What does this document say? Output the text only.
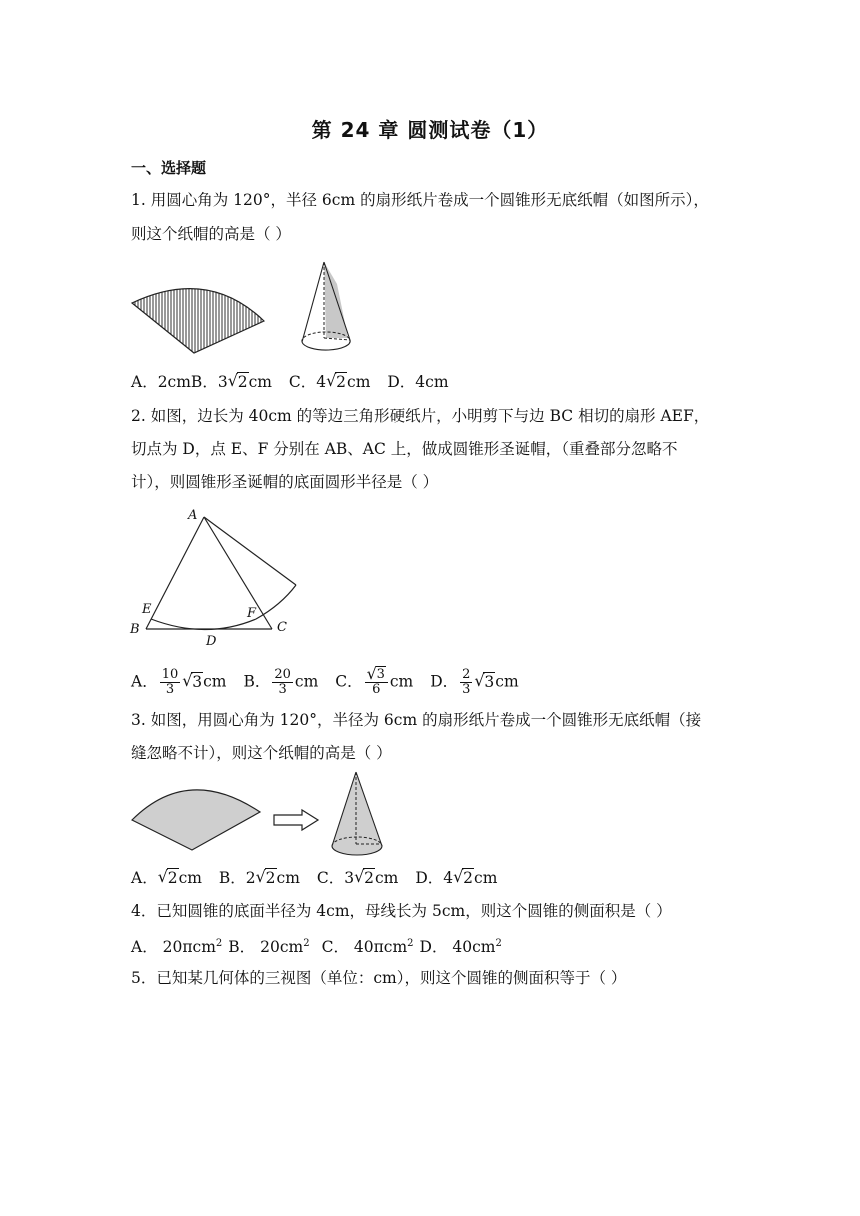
第 24 章 圆测试卷（1）
一、选择题
1. 用圆心角为 120°，半径 6cm 的扇形纸片卷成一个圆锥形无底纸帽（如图所示），
则这个纸帽的高是（ ）
A．2cmB．3 √ 2cm C．4 √ 2cm D．4cm
2. 如图，边长为 40cm 的等边三角形硬纸片，小明剪下与边 BC 相切的扇形 AEF，
切点为 D，点 E、F 分别在 AB、AC 上，做成圆锥形圣诞帽，（重叠部分忽略不
计），则圆锥形圣诞帽的底面圆形半径是（ ）
A
E
B
F
C
D
A． $\frac{10}{3}$ √ 3cm B． $\frac{20}{3}$ cm C． $\frac{√ 3}{6}$ cm D． $\frac{2}{3}$ √ 3cm
3. 如图，用圆心角为 120°，半径为 6cm 的扇形纸片卷成一个圆锥形无底纸帽（接
缝忽略不计），则这个纸帽的高是（ ）
A． √ 2cm B．2 √ 2cm C．3 √ 2cm D．4 √ 2cm
4．已知圆锥的底面半径为 4cm，母线长为 5cm，则这个圆锥的侧面积是（ ）
A． 20πcm$^2$ B． $20cm^2$ C． 40πcm$^2$ D． $40cm^2$
5．已知某几何体的三视图（单位：cm），则这个圆锥的侧面积等于（ ）
